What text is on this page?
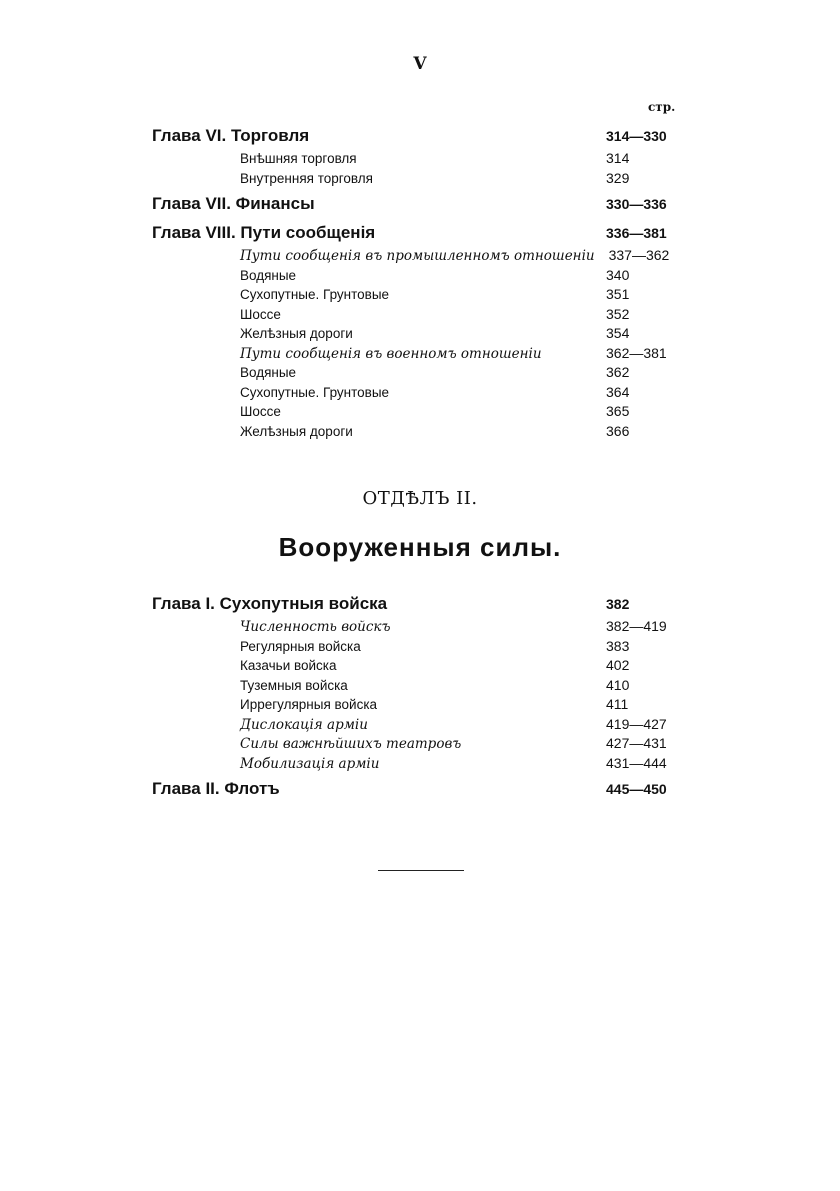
V
стр.
Глава VI. Торговля	314—330
Внѣшняя торговля	314
Внутренняя торговля	329
Глава VII. Финансы	330—336
Глава VIII. Пути сообщенія	336—381
Пути сообщенія въ промышленномъ отношеніи 337—362
Водяные	340
Сухопутные. Грунтовые	351
Шоссе	352
Желѣзныя дороги	354
Пути сообщенія въ военномъ отношеніи	362—381
Водяные	362
Сухопутные. Грунтовые	364
Шоссе	365
Желѣзныя дороги	366
ОТДѢЛЪ II.
Вооруженныя силы.
Глава I. Сухопутныя войска	382
Численность войскъ	382—419
Регулярныя войска	383
Казачьи войска	402
Туземныя войска	410
Иррегулярныя войска	411
Дислокація арміи	419—427
Силы важнѣйшихъ театровъ	427—431
Мобилизація арміи	431—444
Глава II. Флотъ	445—450
